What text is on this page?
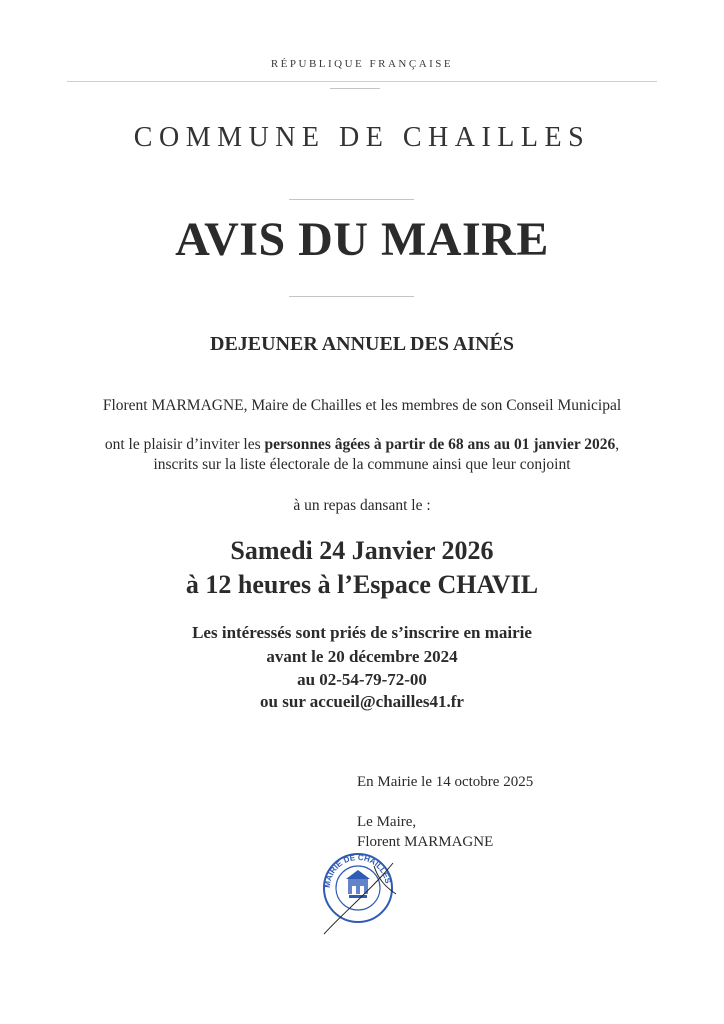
RÉPUBLIQUE FRANÇAISE
COMMUNE DE CHAILLES
AVIS DU MAIRE
DEJEUNER ANNUEL DES AINÉS
Florent MARMAGNE, Maire de Chailles et les membres de son Conseil Municipal
ont le plaisir d’inviter les personnes âgées à partir de 68 ans au 01 janvier 2026,
inscrits sur la liste électorale de la commune ainsi que leur conjoint
à un repas dansant le :
Samedi 24 Janvier 2026
à 12 heures à l’Espace CHAVIL
Les intéressés sont priés de s’inscrire en mairie
avant le 20 décembre 2024
au 02-54-79-72-00
ou sur accueil@chailles41.fr
En Mairie le 14 octobre 2025
Le Maire,
Florent MARMAGNE
MAIRIE DE CHAILLES
